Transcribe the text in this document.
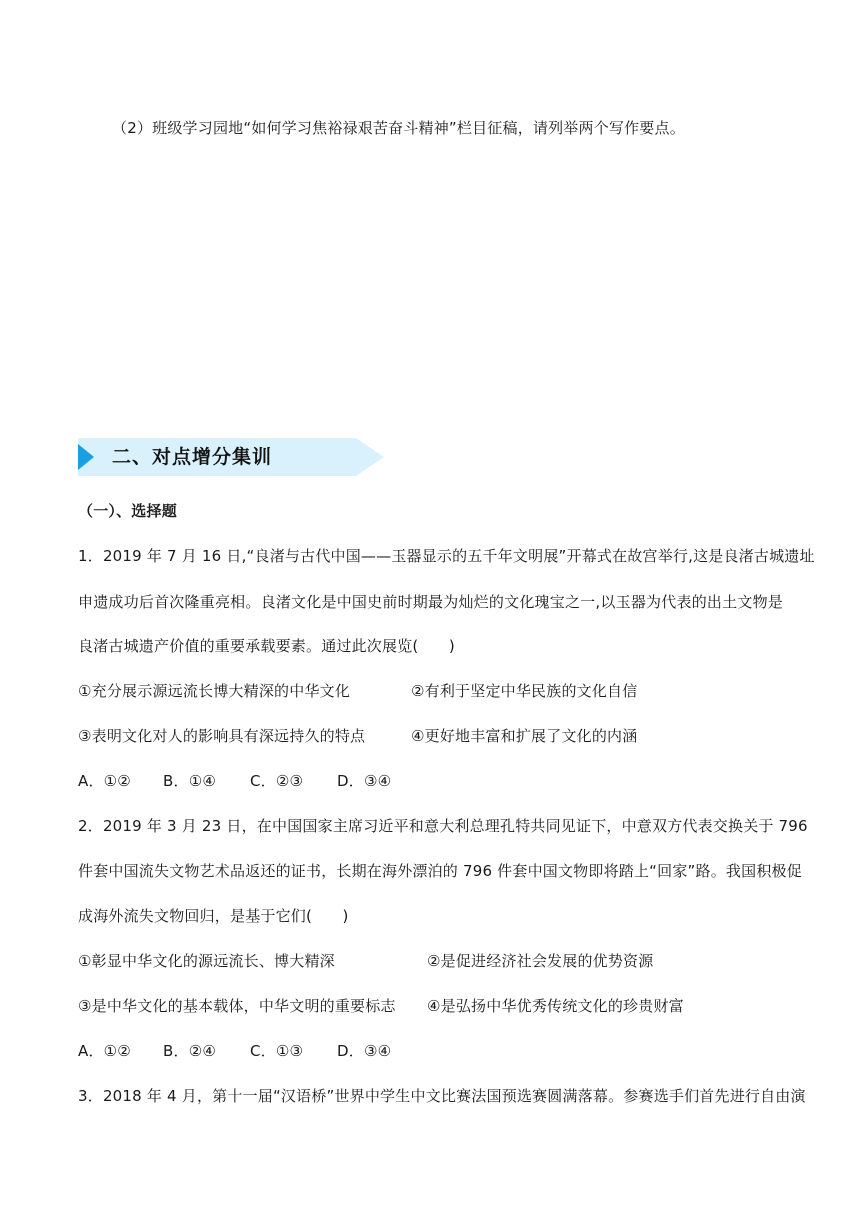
（2）班级学习园地“如何学习焦裕禄艰苦奋斗精神”栏目征稿，请列举两个写作要点。
二、对点增分集训
（一）、选择题
1．2019 年 7 月 16 日,“良渚与古代中国——玉器显示的五千年文明展”开幕式在故宫举行,这是良渚古城遗址
申遗成功后首次隆重亮相。良渚文化是中国史前时期最为灿烂的文化瑰宝之一,以玉器为代表的出土文物是
良渚古城遗产价值的重要承载要素。通过此次展览(　　)
①充分展示源远流长博大精深的中华文化	②有利于坚定中华民族的文化自信
③表明文化对人的影响具有深远持久的特点	④更好地丰富和扩展了文化的内涵
A．①② B．①④ C．②③ D．③④
2．2019 年 3 月 23 日，在中国国家主席习近平和意大利总理孔特共同见证下，中意双方代表交换关于 796
件套中国流失文物艺术品返还的证书，长期在海外漂泊的 796 件套中国文物即将踏上“回家”路。我国积极促
成海外流失文物回归，是基于它们(　　)
①彰显中华文化的源远流长、博大精深	②是促进经济社会发展的优势资源
③是中华文化的基本载体，中华文明的重要标志 ④是弘扬中华优秀传统文化的珍贵财富
A．①② B．②④ C．①③ D．③④
3．2018 年 4 月，第十一届“汉语桥”世界中学生中文比赛法国预选赛圆满落幕。参赛选手们首先进行自由演
